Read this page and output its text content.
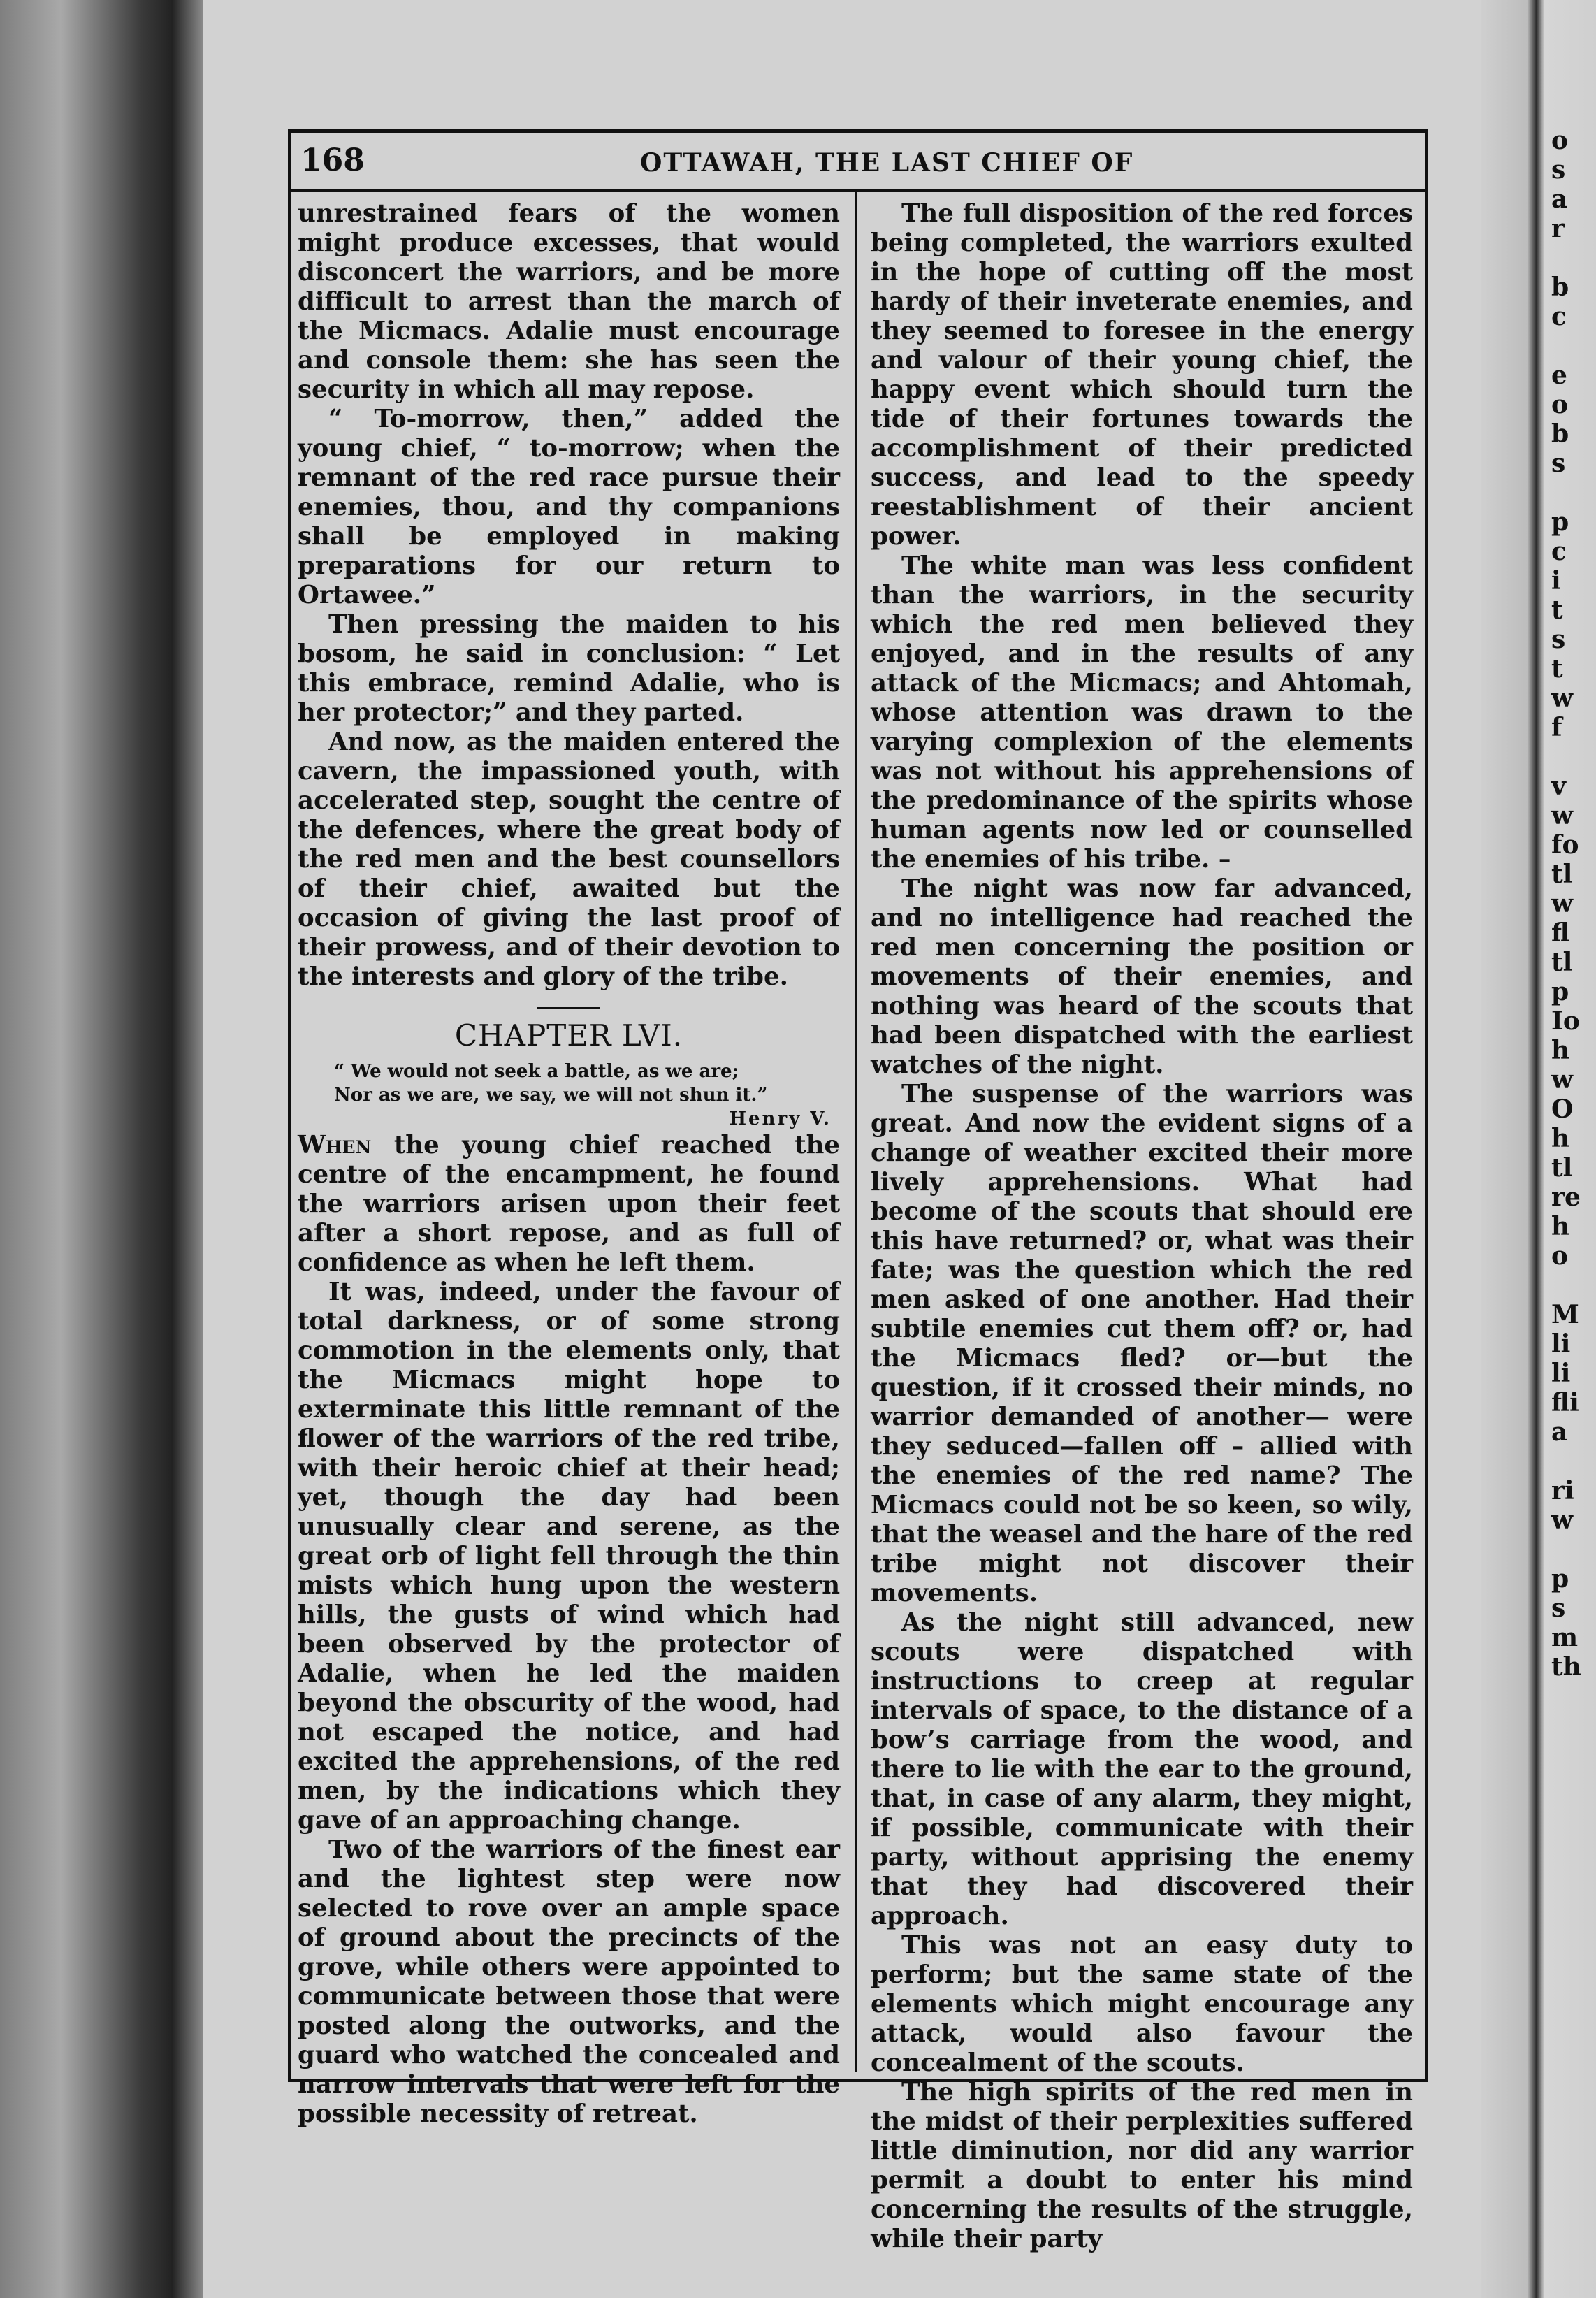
168	OTTAWAH, THE LAST CHIEF OF

unrestrained fears of the women might produce excesses, that would disconcert the warriors, and be more difficult to arrest than the march of the Micmacs. Adalie must encourage and console them: she has seen the security in which all may repose.

“ To-morrow, then,” added the young chief, “ to-morrow; when the remnant of the red race pursue their enemies, thou, and thy companions shall be employed in making preparations for our return to Ortawee.”

Then pressing the maiden to his bosom, he said in conclusion: “ Let this embrace, remind Adalie, who is her protector;” and they parted.

And now, as the maiden entered the cavern, the impassioned youth, with accelerated step, sought the centre of the defences, where the great body of the red men and the best counsellors of their chief, awaited but the occasion of giving the last proof of their prowess, and of their devotion to the interests and glory of the tribe.

CHAPTER LVI.
“ We would not seek a battle, as we are;
Nor as we are, we say, we will not shun it.”
Henry V.

When the young chief reached the centre of the encampment, he found the warriors arisen upon their feet after a short repose, and as full of confidence as when he left them.

It was, indeed, under the favour of total darkness, or of some strong commotion in the elements only, that the Micmacs might hope to exterminate this little remnant of the flower of the warriors of the red tribe, with their heroic chief at their head; yet, though the day had been unusually clear and serene, as the great orb of light fell through the thin mists which hung upon the western hills, the gusts of wind which had been observed by the protector of Adalie, when he led the maiden beyond the obscurity of the wood, had not escaped the notice, and had excited the apprehensions, of the red men, by the indications which they gave of an approaching change.

Two of the warriors of the finest ear and the lightest step were now selected to rove over an ample space of ground about the precincts of the grove, while others were appointed to communicate between those that were posted along the outworks, and the guard who watched the concealed and narrow intervals that were left for the possible necessity of retreat.

The full disposition of the red forces being completed, the warriors exulted in the hope of cutting off the most hardy of their inveterate enemies, and they seemed to foresee in the energy and valour of their young chief, the happy event which should turn the tide of their fortunes towards the accomplishment of their predicted success, and lead to the speedy reestablishment of their ancient power.

The white man was less confident than the warriors, in the security which the red men believed they enjoyed, and in the results of any attack of the Micmacs; and Ahtomah, whose attention was drawn to the varying complexion of the elements was not without his apprehensions of the predominance of the spirits whose human agents now led or counselled the enemies of his tribe. –

The night was now far advanced, and no intelligence had reached the red men concerning the position or movements of their enemies, and nothing was heard of the scouts that had been dispatched with the earliest watches of the night.

The suspense of the warriors was great. And now the evident signs of a change of weather excited their more lively apprehensions. What had become of the scouts that should ere this have returned? or, what was their fate; was the question which the red men asked of one another. Had their subtile enemies cut them off? or, had the Micmacs fled? or—but the question, if it crossed their minds, no warrior demanded of another— were they seduced—fallen off – allied with the enemies of the red name? The Micmacs could not be so keen, so wily, that the weasel and the hare of the red tribe might not discover their movements.

As the night still advanced, new scouts were dispatched with instructions to creep at regular intervals of space, to the distance of a bow’s carriage from the wood, and there to lie with the ear to the ground, that, in case of any alarm, they might, if possible, communicate with their party, without apprising the enemy that they had discovered their approach.

This was not an easy duty to perform; but the same state of the elements which might encourage any attack, would also favour the concealment of the scouts.

The high spirits of the red men in the midst of their perplexities suffered little diminution, nor did any warrior permit a doubt to enter his mind concerning the results of the struggle, while their party

o
s
a
r

b
c

e
o
b
s

p
c
i
t
s
t
w
f

v
w
fo
tl
w
fl
tl
p
Io
h
w
O
h
tl
re
h
o

M
li
li
fli
a

ri
w

p
s
m
th
